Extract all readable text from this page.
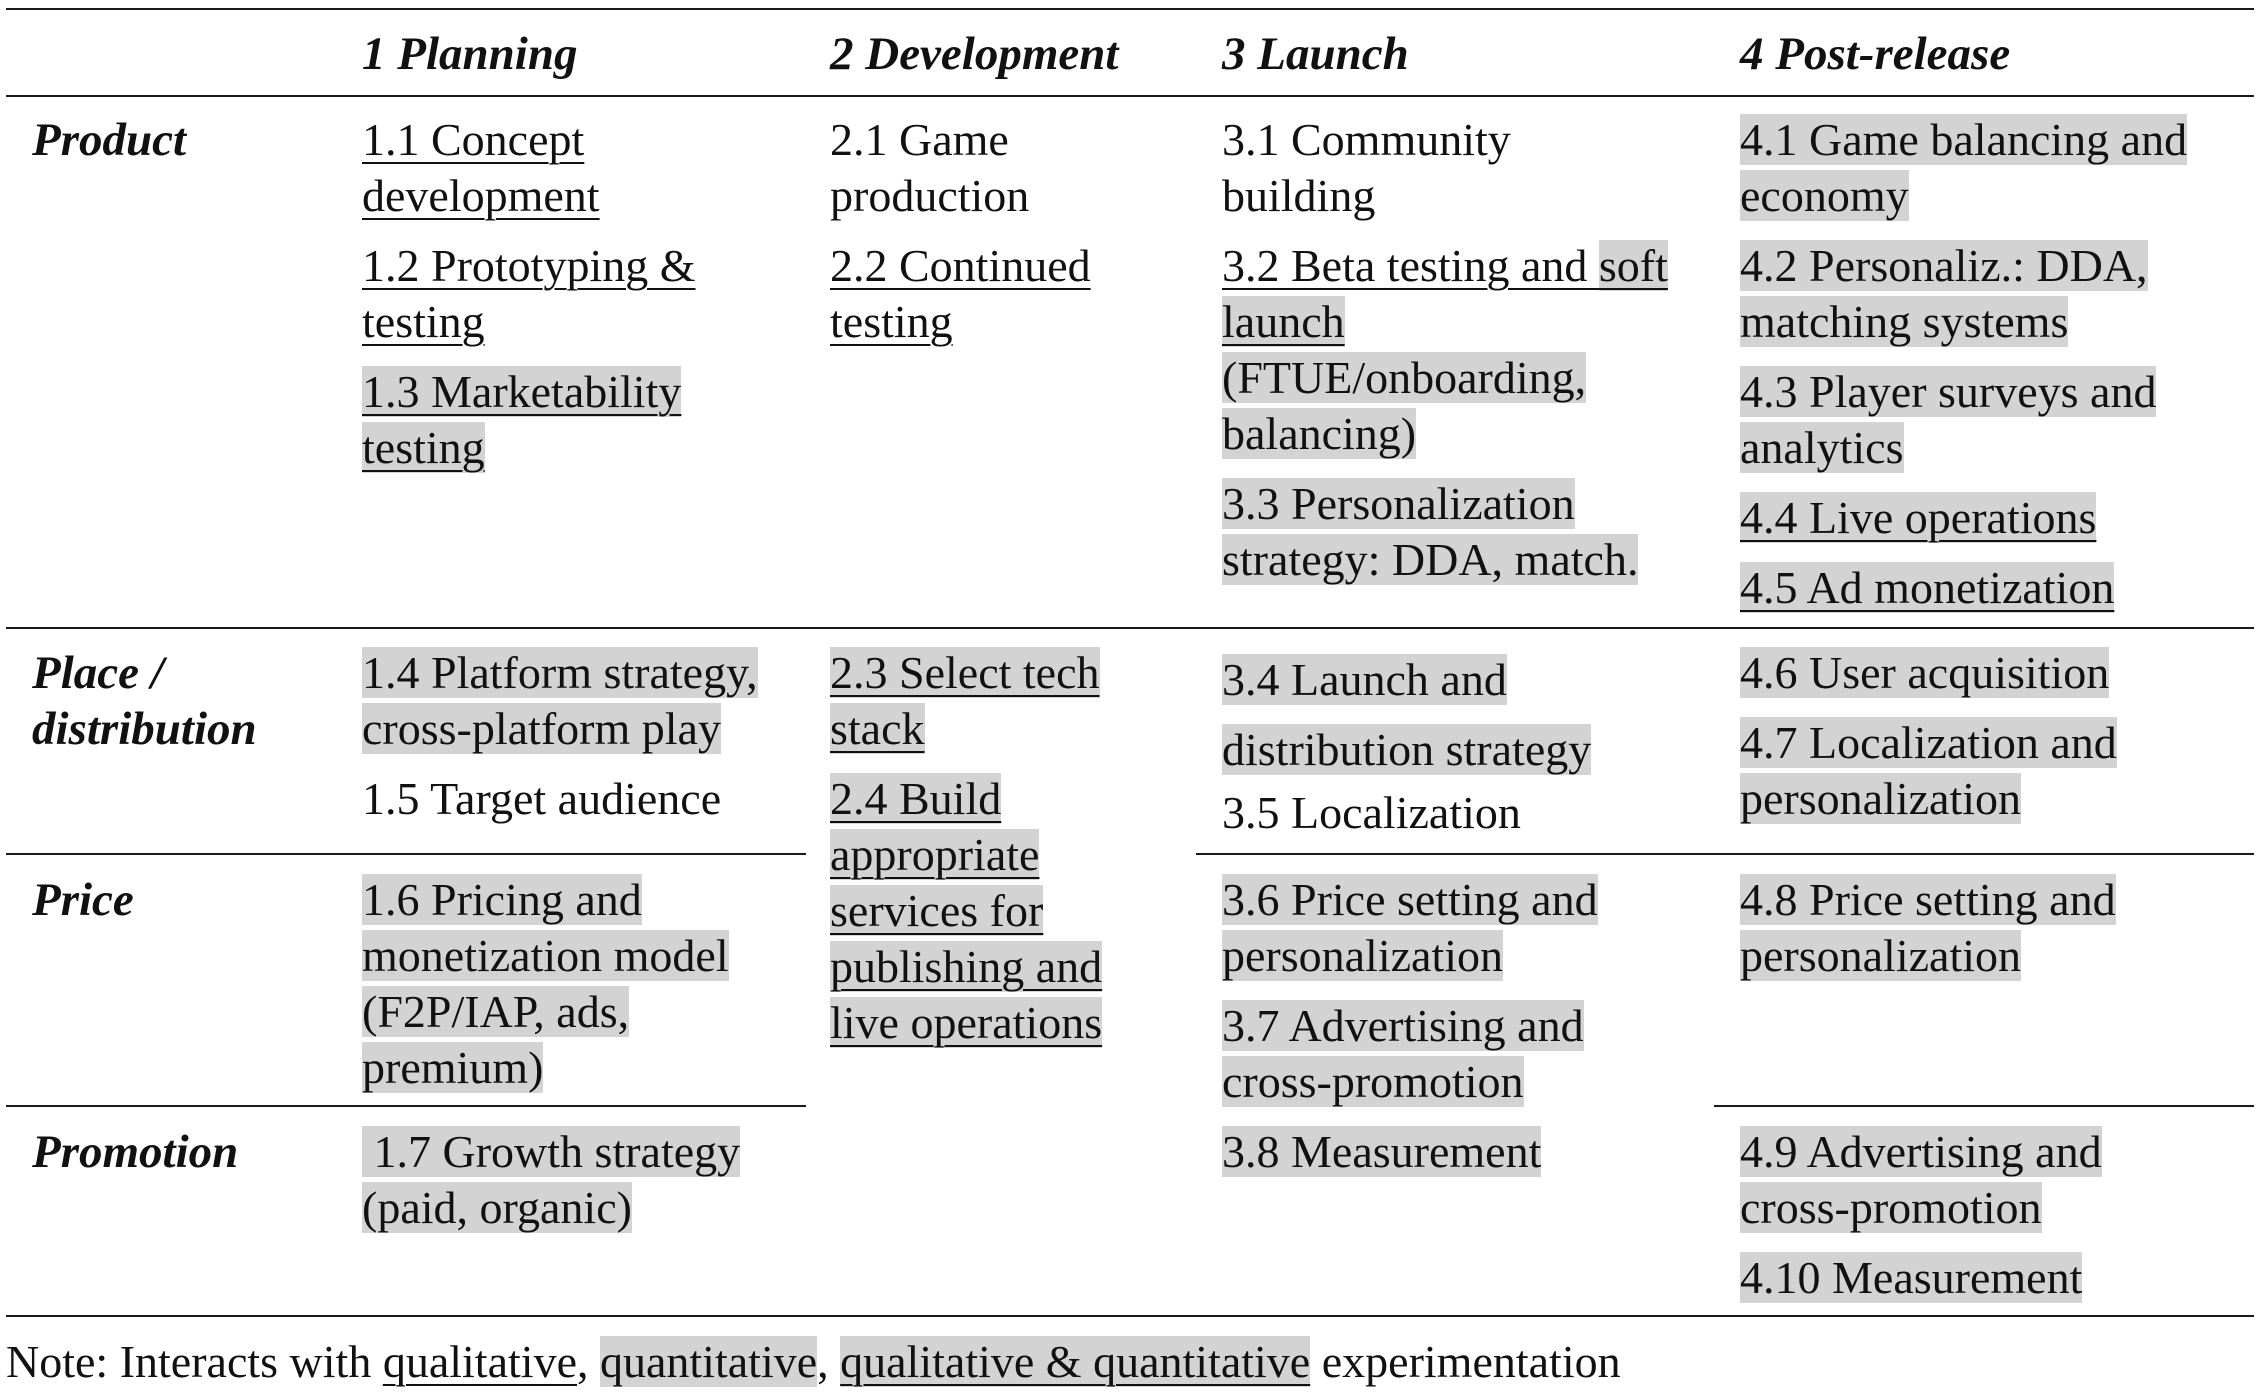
1 Planning	2 Development 3 Launch	4 Post-release
Product
Place /
distribution
Price
Promotion
1.1 Concept
development
1.2 Prototyping &
testing
1.3 Marketability
testing
1.4 Platform strategy,
cross-platform play
1.5 Target audience
1.6 Pricing and
monetization model
(F2P/IAP, ads,
premium)
1.7 Growth strategy
(paid, organic)
2.1 Game
production
2.2 Continued
testing
2.3 Select tech
stack
2.4 Build
appropriate
services for
publishing and
live operations
3.1 Community
building
3.2 Beta testing and soft
launch
(FTUE/onboarding,
balancing)
3.3 Personalization
strategy: DDA, match.
3.4 Launch and
distribution strategy
3.5 Localization
3.6 Price setting and
personalization
3.7 Advertising and
cross-promotion
3.8 Measurement
4.1 Game balancing and
economy
4.2 Personaliz.: DDA,
matching systems
4.3 Player surveys and
analytics
4.4 Live operations
4.5 Ad monetization
4.6 User acquisition
4.7 Localization and
personalization
4.8 Price setting and
personalization
4.9 Advertising and
cross-promotion
4.10 Measurement
Note: Interacts with qualitative, quantitative, qualitative & quantitative experimentation
